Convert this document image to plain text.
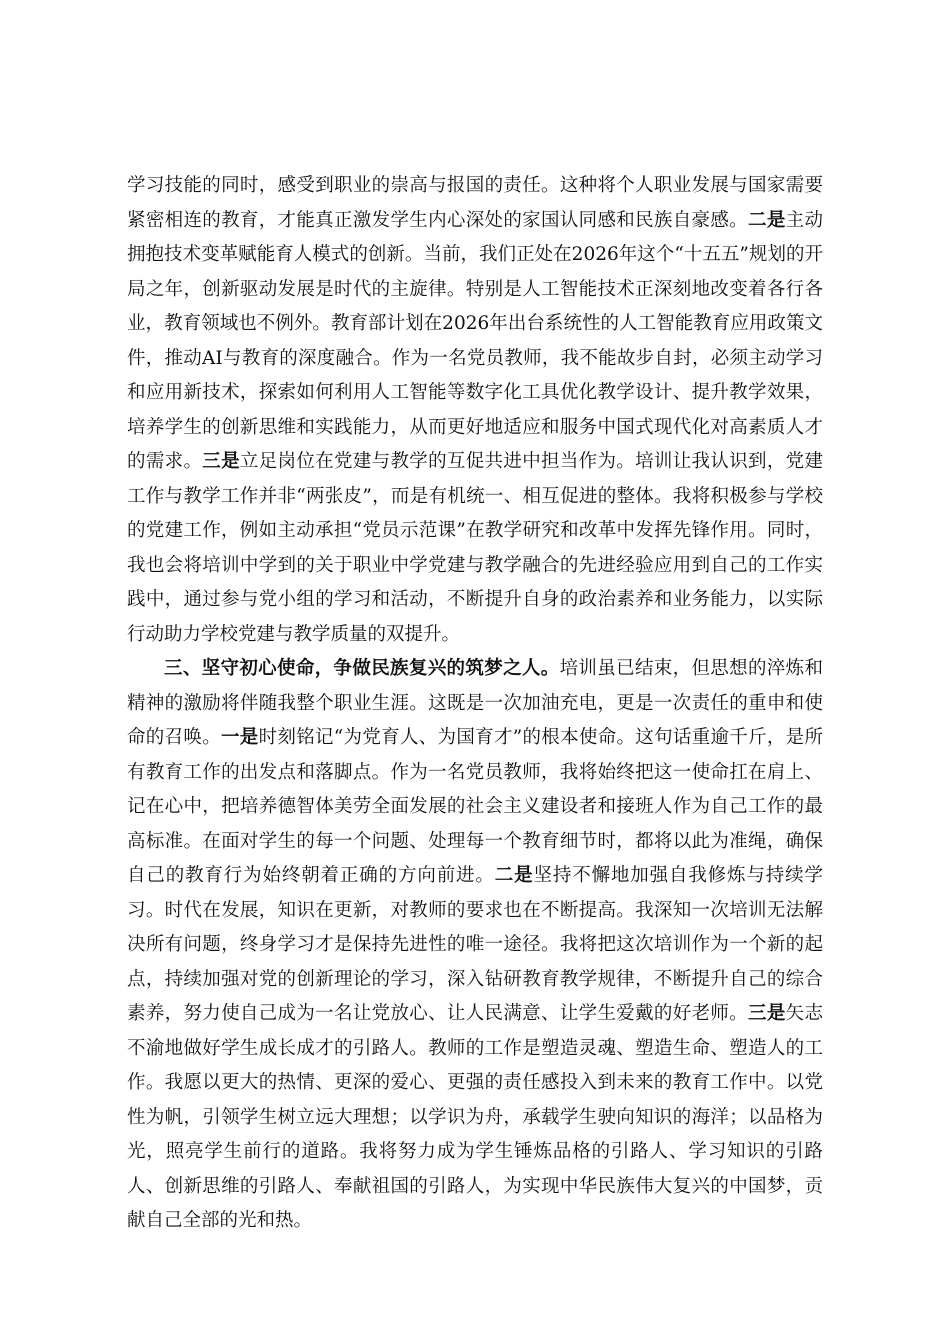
学习技能的同时，感受到职业的崇高与报国的责任。这种将个人职业发展与国家需要紧密相连的教育，才能真正激发学生内心深处的家国认同感和民族自豪感。二是主动拥抱技术变革赋能育人模式的创新。当前，我们正处在2026年这个“十五五”规划的开局之年，创新驱动发展是时代的主旋律。特别是人工智能技术正深刻地改变着各行各业，教育领域也不例外。教育部计划在2026年出台系统性的人工智能教育应用政策文件，推动AI与教育的深度融合。作为一名党员教师，我不能故步自封，必须主动学习和应用新技术，探索如何利用人工智能等数字化工具优化教学设计、提升教学效果，培养学生的创新思维和实践能力，从而更好地适应和服务中国式现代化对高素质人才的需求。三是立足岗位在党建与教学的互促共进中担当作为。培训让我认识到，党建工作与教学工作并非“两张皮”，而是有机统一、相互促进的整体。我将积极参与学校的党建工作，例如主动承担“党员示范课”在教学研究和改革中发挥先锋作用。同时，我也会将培训中学到的关于职业中学党建与教学融合的先进经验应用到自己的工作实践中，通过参与党小组的学习和活动，不断提升自身的政治素养和业务能力，以实际行动助力学校党建与教学质量的双提升。

三、坚守初心使命，争做民族复兴的筑梦之人。培训虽已结束，但思想的淬炼和精神的激励将伴随我整个职业生涯。这既是一次加油充电，更是一次责任的重申和使命的召唤。一是时刻铭记“为党育人、为国育才”的根本使命。这句话重逾千斤，是所有教育工作的出发点和落脚点。作为一名党员教师，我将始终把这一使命扛在肩上、记在心中，把培养德智体美劳全面发展的社会主义建设者和接班人作为自己工作的最高标准。在面对学生的每一个问题、处理每一个教育细节时，都将以此为准绳，确保自己的教育行为始终朝着正确的方向前进。二是坚持不懈地加强自我修炼与持续学习。时代在发展，知识在更新，对教师的要求也在不断提高。我深知一次培训无法解决所有问题，终身学习才是保持先进性的唯一途径。我将把这次培训作为一个新的起点，持续加强对党的创新理论的学习，深入钻研教育教学规律，不断提升自己的综合素养，努力使自己成为一名让党放心、让人民满意、让学生爱戴的好老师。三是矢志不渝地做好学生成长成才的引路人。教师的工作是塑造灵魂、塑造生命、塑造人的工作。我愿以更大的热情、更深的爱心、更强的责任感投入到未来的教育工作中。以党性为帆，引领学生树立远大理想；以学识为舟，承载学生驶向知识的海洋；以品格为光，照亮学生前行的道路。我将努力成为学生锤炼品格的引路人、学习知识的引路人、创新思维的引路人、奉献祖国的引路人，为实现中华民族伟大复兴的中国梦，贡献自己全部的光和热。
